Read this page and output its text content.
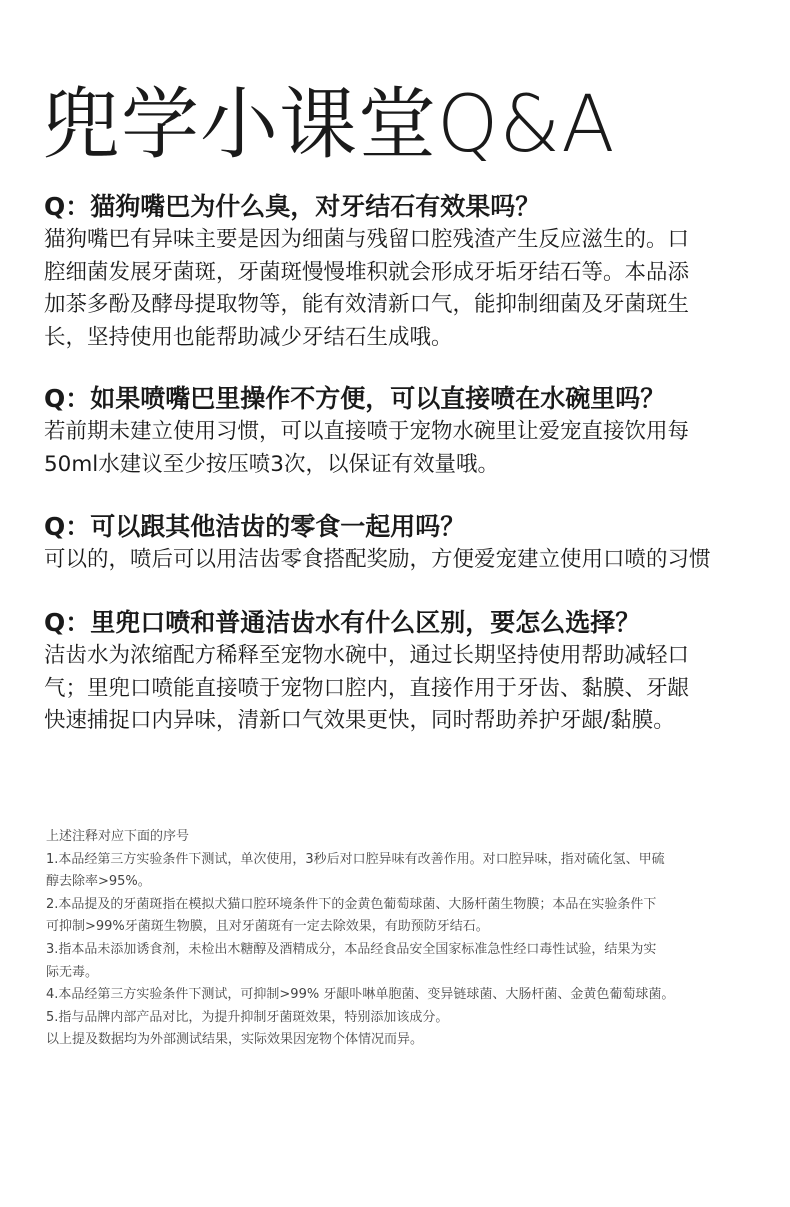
兜学小课堂Q&A
Q：猫狗嘴巴为什么臭，对牙结石有效果吗？
猫狗嘴巴有异味主要是因为细菌与残留口腔残渣产生反应滋生的。口
腔细菌发展牙菌斑，牙菌斑慢慢堆积就会形成牙垢牙结石等。本品添
加茶多酚及酵母提取物等，能有效清新口气，能抑制细菌及牙菌斑生
长，坚持使用也能帮助减少牙结石生成哦。
Q：如果喷嘴巴里操作不方便，可以直接喷在水碗里吗？
若前期未建立使用习惯，可以直接喷于宠物水碗里让爱宠直接饮用每
50ml水建议至少按压喷3次，以保证有效量哦。
Q：可以跟其他洁齿的零食一起用吗？
可以的，喷后可以用洁齿零食搭配奖励，方便爱宠建立使用口喷的习惯
Q：里兜口喷和普通洁齿水有什么区别，要怎么选择？
洁齿水为浓缩配方稀释至宠物水碗中，通过长期坚持使用帮助减轻口
气；里兜口喷能直接喷于宠物口腔内，直接作用于牙齿、黏膜、牙龈
快速捕捉口内异味，清新口气效果更快，同时帮助养护牙龈/黏膜。
上述注释对应下面的序号
1.本品经第三方实验条件下测试，单次使用，3秒后对口腔异味有改善作用。对口腔异味，指对硫化氢、甲硫
醇去除率>95%。
2.本品提及的牙菌斑指在模拟犬猫口腔环境条件下的金黄色葡萄球菌、大肠杆菌生物膜；本品在实验条件下
可抑制>99%牙菌斑生物膜，且对牙菌斑有一定去除效果，有助预防牙结石。
3.指本品未添加诱食剂，未检出木糖醇及酒精成分，本品经食品安全国家标准急性经口毒性试验，结果为实
际无毒。
4.本品经第三方实验条件下测试，可抑制>99% 牙龈卟啉单胞菌、变异链球菌、大肠杆菌、金黄色葡萄球菌。
5.指与品牌内部产品对比，为提升抑制牙菌斑效果，特别添加该成分。
以上提及数据均为外部测试结果，实际效果因宠物个体情况而异。
